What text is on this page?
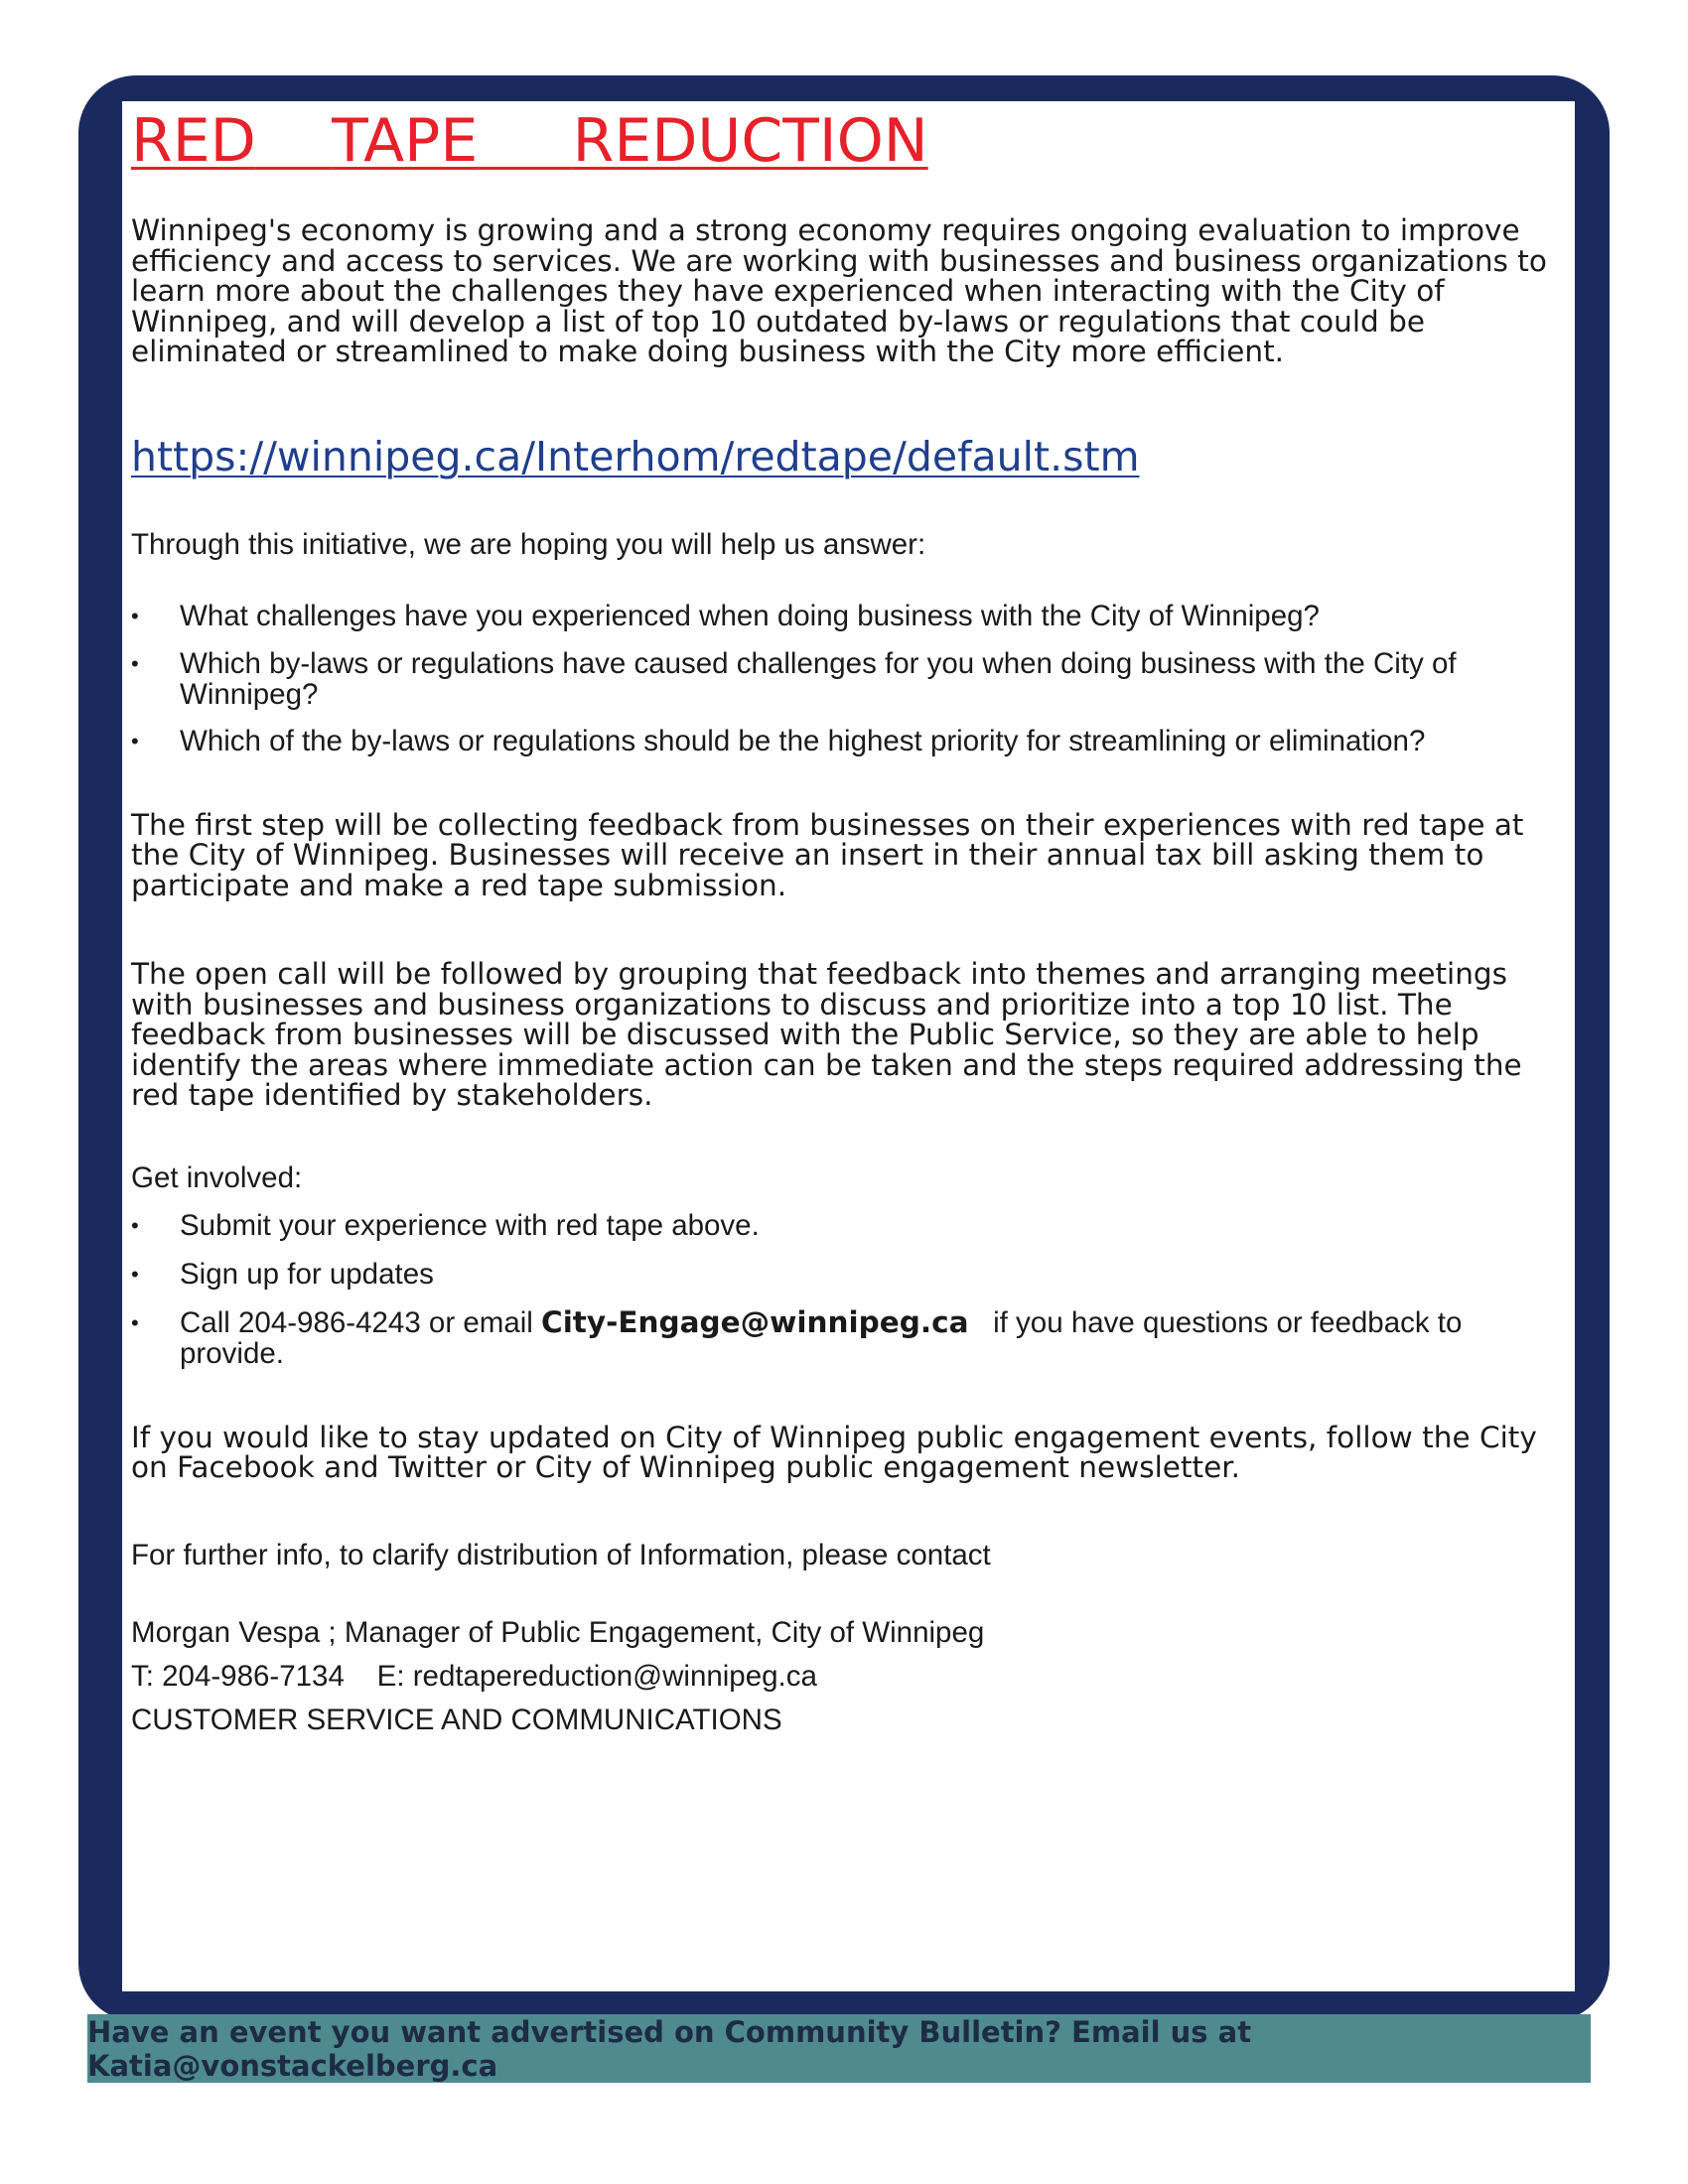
RED TAPE REDUCTION

Winnipeg's economy is growing and a strong economy requires ongoing evaluation to improve efficiency and access to services. We are working with businesses and business organizations to learn more about the challenges they have experienced when interacting with the City of Winnipeg, and will develop a list of top 10 outdated by-laws or regulations that could be eliminated or streamlined to make doing business with the City more efficient.

https://winnipeg.ca/Interhom/redtape/default.stm

Through this initiative, we are hoping you will help us answer:

• What challenges have you experienced when doing business with the City of Winnipeg?
• Which by-laws or regulations have caused challenges for you when doing business with the City of Winnipeg?
• Which of the by-laws or regulations should be the highest priority for streamlining or elimination?

The first step will be collecting feedback from businesses on their experiences with red tape at the City of Winnipeg. Businesses will receive an insert in their annual tax bill asking them to participate and make a red tape submission.

The open call will be followed by grouping that feedback into themes and arranging meetings with businesses and business organizations to discuss and prioritize into a top 10 list. The feedback from businesses will be discussed with the Public Service, so they are able to help identify the areas where immediate action can be taken and the steps required addressing the red tape identified by stakeholders.

Get involved:

• Submit your experience with red tape above.
• Sign up for updates
• Call 204-986-4243 or email City-Engage@winnipeg.ca if you have questions or feedback to provide.

If you would like to stay updated on City of Winnipeg public engagement events, follow the City on Facebook and Twitter or City of Winnipeg public engagement newsletter.

For further info, to clarify distribution of Information, please contact

Morgan Vespa ; Manager of Public Engagement, City of Winnipeg

T: 204-986-7134 E: redtapereduction@winnipeg.ca

CUSTOMER SERVICE AND COMMUNICATIONS

Have an event you want advertised on Community Bulletin? Email us at Katia@vonstackelberg.ca
